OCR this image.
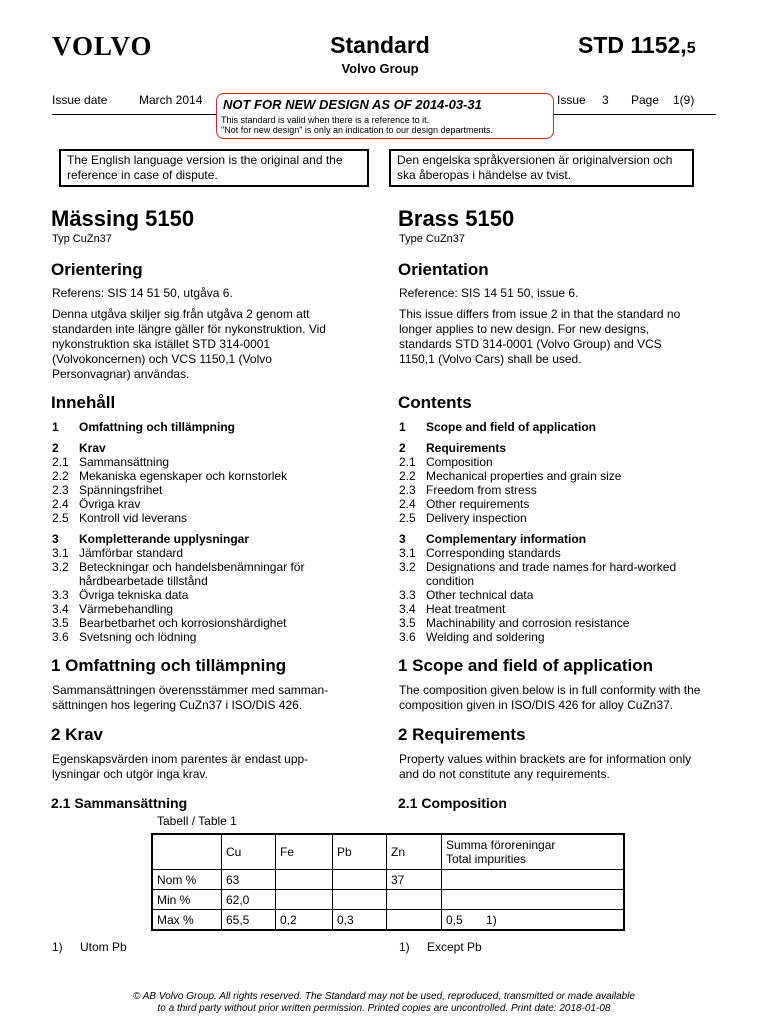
VOLVO	Standard
Volvo Group
STD 1152,5
Issue date	March 2014	Issue 3 Page 1(9)
NOT FOR NEW DESIGN AS OF 2014-03-31
This standard is valid when there is a reference to it.
"Not for new design" is only an indication to our design departments.
The English language version is the original and the reference in case of dispute.
Den engelska språkversionen är originalversion och ska åberopas i händelse av tvist.
Mässing 5150
Typ CuZn37
Brass 5150
Type CuZn37
Orientering
Referens: SIS 14 51 50, utgåva 6.
Denna utgåva skiljer sig från utgåva 2 genom att standarden inte längre gäller för nykonstruktion. Vid nykonstruktion ska istället STD 314-0001 (Volvokoncernen) och VCS 1150,1 (Volvo Personvagnar) användas.
Orientation
Reference: SIS 14 51 50, issue 6.
This issue differs from issue 2 in that the standard no longer applies to new design. For new designs, standards STD 314-0001 (Volvo Group) and VCS 1150,1 (Volvo Cars) shall be used.
Innehåll	Contents
1 Omfattning och tillämpning
2 Krav
2.1 Sammansättning
2.2 Mekaniska egenskaper och kornstorlek
2.3 Spänningsfrihet
2.4 Övriga krav
2.5 Kontroll vid leverans
3 Kompletterande upplysningar
3.1 Jämförbar standard
3.2 Beteckningar och handelsbenämningar för hårdbearbetade tillstånd
3.3 Övriga tekniska data
3.4 Värmebehandling
3.5 Bearbetbarhet och korrosionshärdighet
3.6 Svetsning och lödning
1 Scope and field of application
2 Requirements
2.1 Composition
2.2 Mechanical properties and grain size
2.3 Freedom from stress
2.4 Other requirements
2.5 Delivery inspection
3 Complementary information
3.1 Corresponding standards
3.2 Designations and trade names for hard-worked condition
3.3 Other technical data
3.4 Heat treatment
3.5 Machinability and corrosion resistance
3.6 Welding and soldering
1 Omfattning och tillämpning
Sammansättningen överensstämmer med samman-sättningen hos legering CuZn37 i ISO/DIS 426.
1 Scope and field of application
The composition given below is in full conformity with the composition given in ISO/DIS 426 for alloy CuZn37.
2 Krav
Egenskapsvärden inom parentes är endast upp-lysningar och utgör inga krav.
2 Requirements
Property values within brackets are for information only and do not constitute any requirements.
2.1 Sammansättning	2.1 Composition
Tabell / Table 1
	Cu	Fe	Pb	Zn	Summa föroreningar
Total impurities
Nom %	63			37	
Min %	62,0				
Max %	65,5	0,2	0,3		0,5       1)
1) Utom Pb	1) Except Pb
© AB Volvo Group. All rights reserved. The Standard may not be used, reproduced, transmitted or made available
to a third party without prior written permission. Printed copies are uncontrolled. Print date: 2018-01-08
